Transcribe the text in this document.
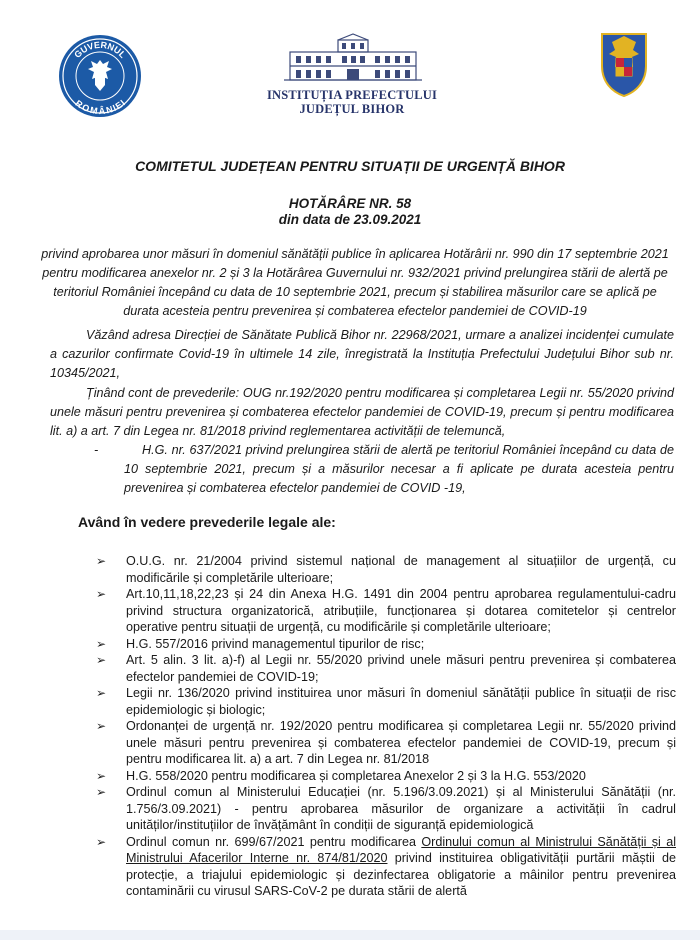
GUVERNUL
ROMÂNIEI
INSTITUȚIA PREFECTULUI
JUDEȚUL BIHOR
COMITETUL JUDEȚEAN PENTRU SITUAȚII DE URGENȚĂ BIHOR
HOTĂRÂRE NR. 58
din data de 23.09.2021
privind aprobarea unor măsuri în domeniul sănătății publice în aplicarea Hotărârii nr. 990 din 17 septembrie 2021 pentru modificarea anexelor nr. 2 și 3 la Hotărârea Guvernului nr. 932/2021 privind prelungirea stării de alertă pe teritoriul României începând cu data de 10 septembrie 2021, precum și stabilirea măsurilor care se aplică pe durata acesteia pentru prevenirea și combaterea efectelor pandemiei de COVID-19
Văzând adresa Direcției de Sănătate Publică Bihor nr. 22968/2021, urmare a analizei incidenței cumulate a cazurilor confirmate Covid-19 în ultimele 14 zile, înregistrată la Instituția Prefectului Județului Bihor sub nr. 10345/2021,
Ținând cont de prevederile: OUG nr.192/2020 pentru modificarea și completarea Legii nr. 55/2020 privind unele măsuri pentru prevenirea și combaterea efectelor pandemiei de COVID-19, precum și pentru modificarea lit. a) a art. 7 din Legea nr. 81/2018 privind reglementarea activității de telemuncă,
-	H.G. nr. 637/2021 privind prelungirea stării de alertă pe teritoriul României începând cu data de 10 septembrie 2021, precum și a măsurilor necesar a fi aplicate pe durata acesteia pentru prevenirea și combaterea efectelor pandemiei de COVID -19,
Având în vedere prevederile legale ale:
➢ O.U.G. nr. 21/2004 privind sistemul național de management al situațiilor de urgență, cu modificările și completările ulterioare;
➢ Art.10,11,18,22,23 și 24 din Anexa H.G. 1491 din 2004 pentru aprobarea regulamentului-cadru privind structura organizatorică, atribuțiile, funcționarea și dotarea comitetelor și centrelor operative pentru situații de urgență, cu modificările și completările ulterioare;
➢ H.G. 557/2016 privind managementul tipurilor de risc;
➢ Art. 5 alin. 3 lit. a)-f) al Legii nr. 55/2020 privind unele măsuri pentru prevenirea și combaterea efectelor pandemiei de COVID-19;
➢ Legii nr. 136/2020 privind instituirea unor măsuri în domeniul sănătății publice în situații de risc epidemiologic și biologic;
➢ Ordonanței de urgență nr. 192/2020 pentru modificarea și completarea Legii nr. 55/2020 privind unele măsuri pentru prevenirea și combaterea efectelor pandemiei de COVID-19, precum și pentru modificarea lit. a) a art. 7 din Legea nr. 81/2018
➢ H.G. 558/2020 pentru modificarea și completarea Anexelor 2 și 3 la H.G. 553/2020
➢ Ordinul comun al Ministerului Educației (nr. 5.196/3.09.2021) și al Ministerului Sănătății (nr. 1.756/3.09.2021) - pentru aprobarea măsurilor de organizare a activității în cadrul unităților/instituțiilor de învățământ în condiții de siguranță epidemiologică
➢ Ordinul comun nr. 699/67/2021 pentru modificarea Ordinului comun al Ministrului Sănătății și al Ministrului Afacerilor Interne nr. 874/81/2020 privind instituirea obligativității purtării măștii de protecție, a triajului epidemiologic și dezinfectarea obligatorie a mâinilor pentru prevenirea contaminării cu virusul SARS-CoV-2 pe durata stării de alertă
